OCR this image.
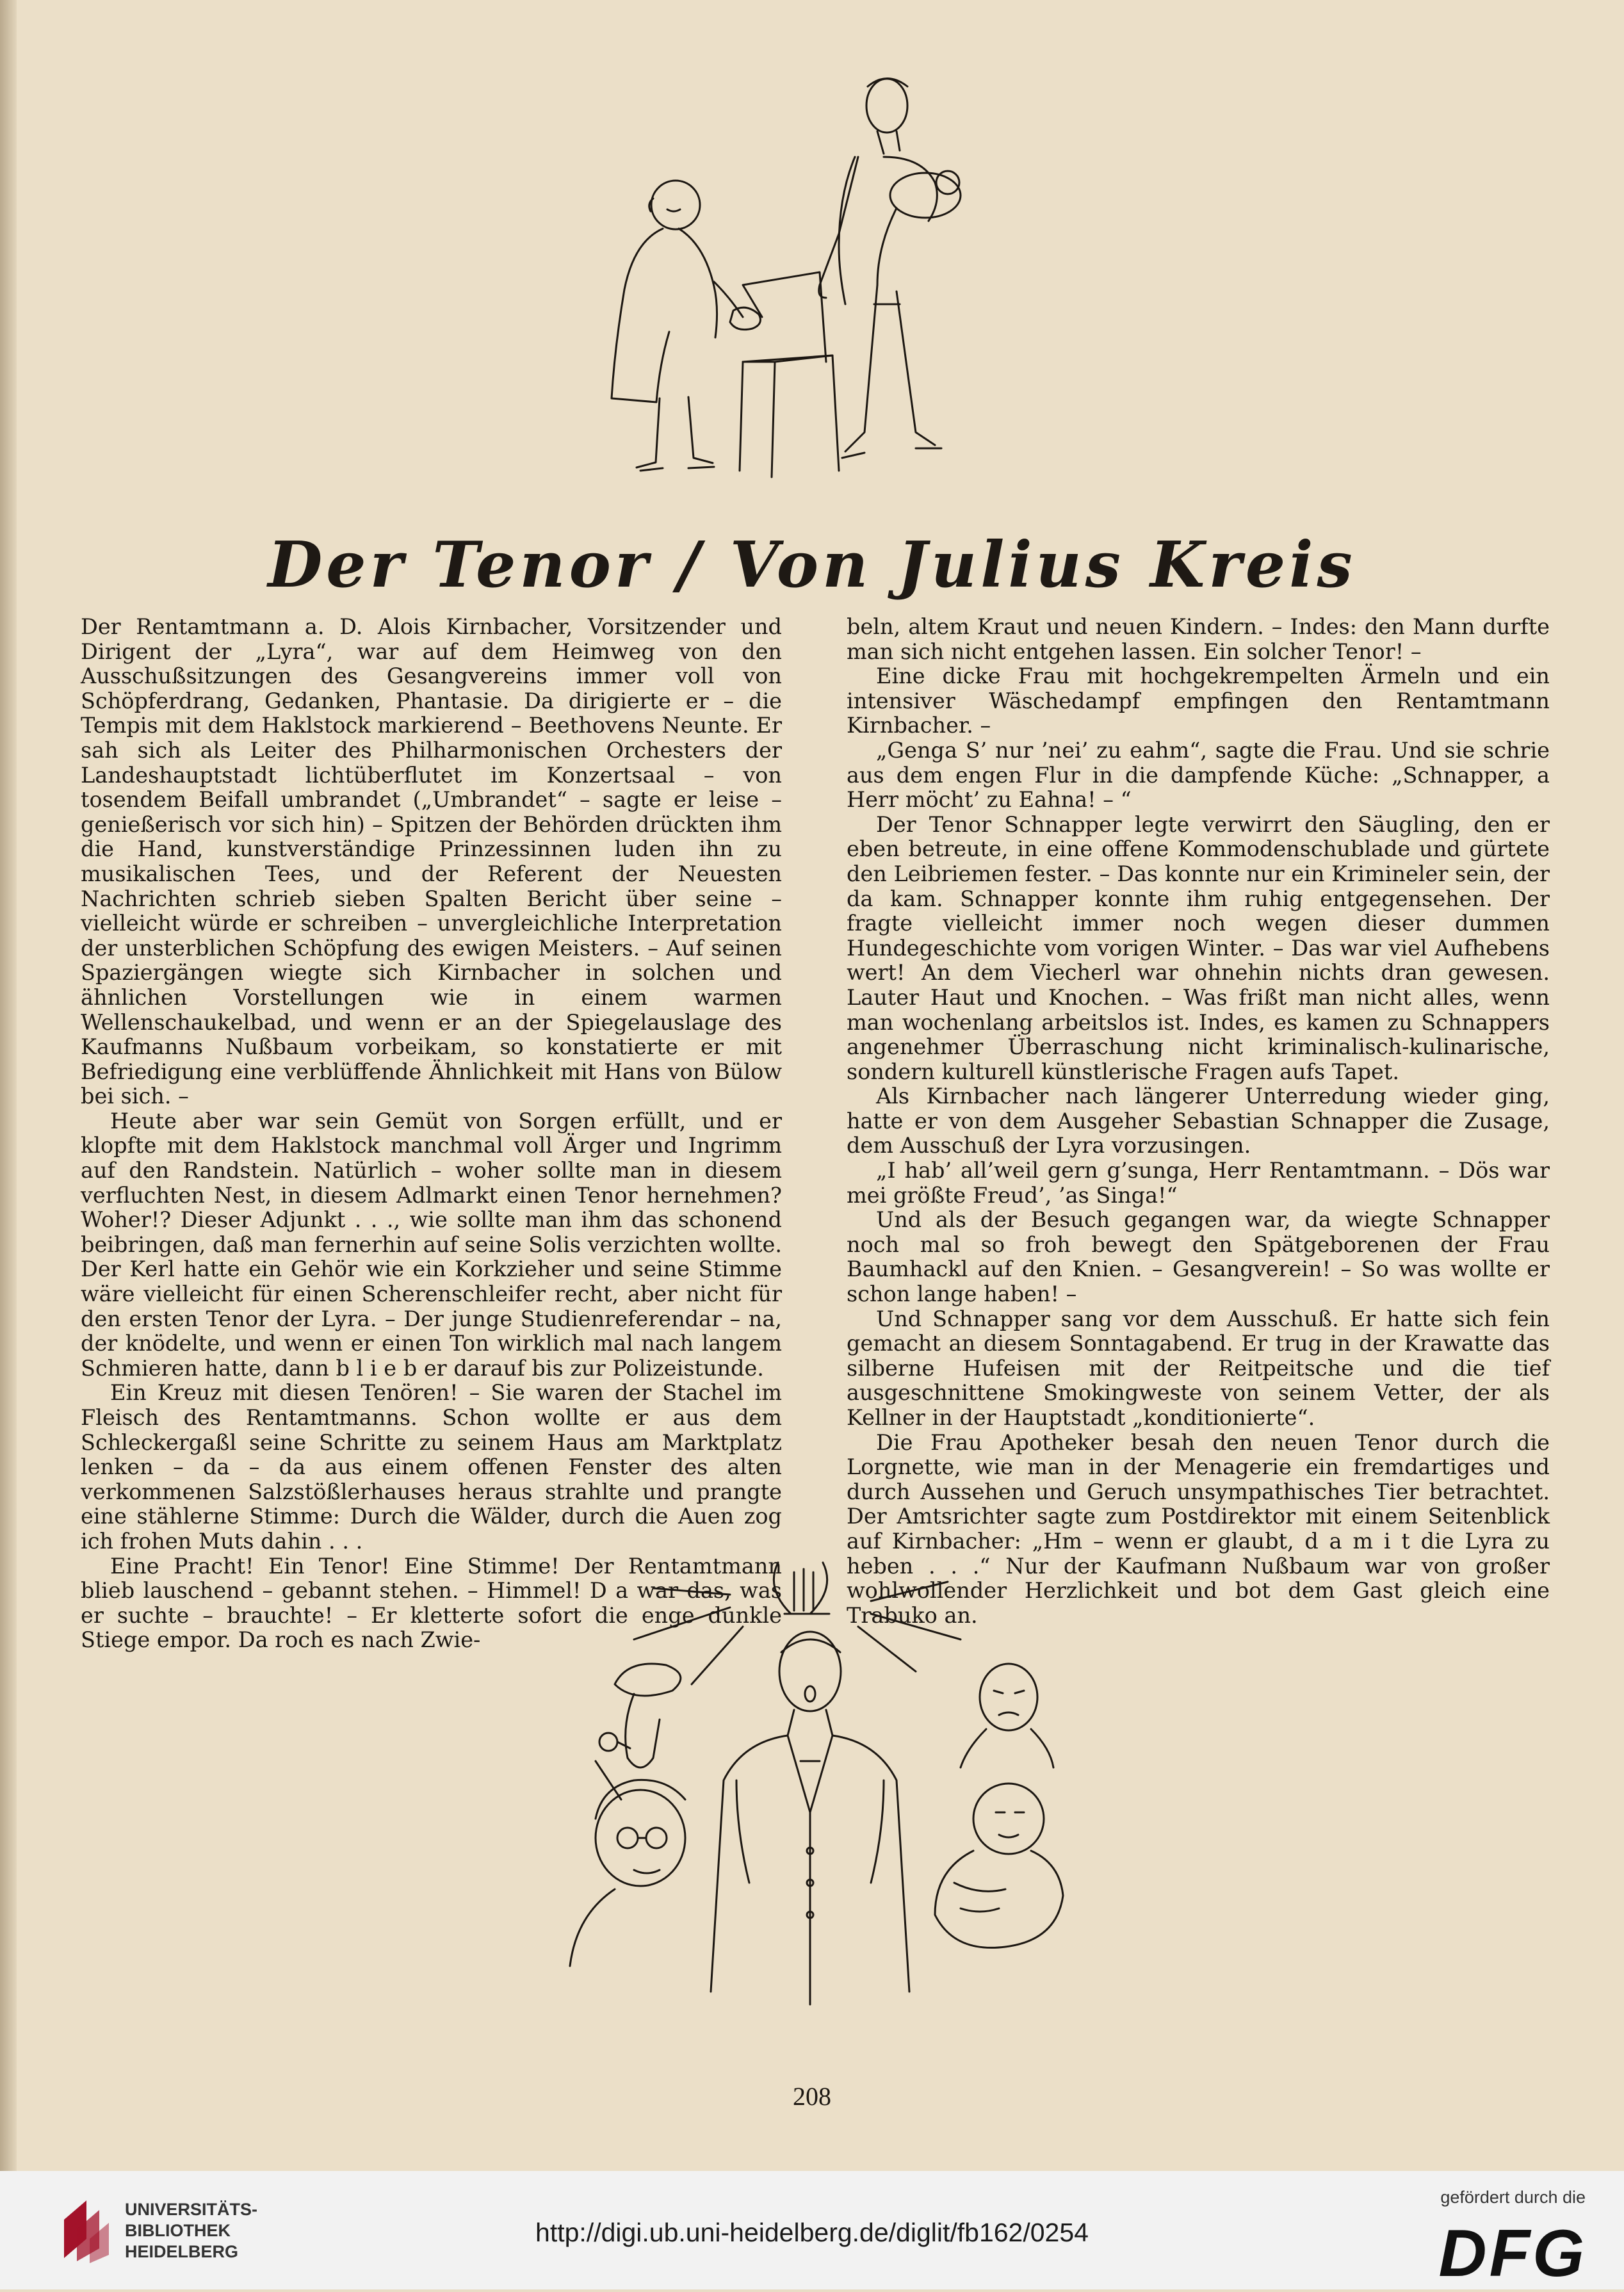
Der Tenor / Von Julius Kreis

Der Rentamtmann a. D. Alois Kirnbacher, Vorsitzender und Dirigent der „Lyra“, war auf dem Heimweg von den Ausschußsitzungen des Gesangvereins immer voll von Schöpferdrang, Gedanken, Phantasie. Da dirigierte er – die Tempis mit dem Haklstock markierend – Beethovens Neunte. Er sah sich als Leiter des Philharmonischen Orchesters der Landeshauptstadt lichtüberflutet im Konzertsaal – von tosendem Beifall umbrandet („Umbrandet“ – sagte er leise – genießerisch vor sich hin) – Spitzen der Behörden drückten ihm die Hand, kunstverständige Prinzessinnen luden ihn zu musikalischen Tees, und der Referent der Neuesten Nachrichten schrieb sieben Spalten Bericht über seine – vielleicht würde er schreiben – unvergleichliche Interpretation der unsterblichen Schöpfung des ewigen Meisters. – Auf seinen Spaziergängen wiegte sich Kirnbacher in solchen und ähnlichen Vorstellungen wie in einem warmen Wellenschaukelbad, und wenn er an der Spiegelauslage des Kaufmanns Nußbaum vorbeikam, so konstatierte er mit Befriedigung eine verblüffende Ähnlichkeit mit Hans von Bülow bei sich. –

Heute aber war sein Gemüt von Sorgen erfüllt, und er klopfte mit dem Haklstock manchmal voll Ärger und Ingrimm auf den Randstein. Natürlich – woher sollte man in diesem verfluchten Nest, in diesem Adlmarkt einen Tenor hernehmen? Woher!? Dieser Adjunkt . . ., wie sollte man ihm das schonend beibringen, daß man fernerhin auf seine Solis verzichten wollte. Der Kerl hatte ein Gehör wie ein Korkzieher und seine Stimme wäre vielleicht für einen Scherenschleifer recht, aber nicht für den ersten Tenor der Lyra. – Der junge Studienreferendar – na, der knödelte, und wenn er einen Ton wirklich mal nach langem Schmieren hatte, dann b l i e b er darauf bis zur Polizeistunde.

Ein Kreuz mit diesen Tenören! – Sie waren der Stachel im Fleisch des Rentamtmanns. Schon wollte er aus dem Schleckergaßl seine Schritte zu seinem Haus am Marktplatz lenken – da – da aus einem offenen Fenster des alten verkommenen Salzstößlerhauses heraus strahlte und prangte eine stählerne Stimme: Durch die Wälder, durch die Auen zog ich frohen Muts dahin . . .

Eine Pracht! Ein Tenor! Eine Stimme! Der Rentamtmann blieb lauschend – gebannt stehen. – Himmel! D a war das, was er suchte – brauchte! – Er kletterte sofort die enge dunkle Stiege empor. Da roch es nach Zwie-

beln, altem Kraut und neuen Kindern. – Indes: den Mann durfte man sich nicht entgehen lassen. Ein solcher Tenor! –

Eine dicke Frau mit hochgekrempelten Ärmeln und ein intensiver Wäschedampf empfingen den Rentamtmann Kirnbacher. –

„Genga S’ nur ’nei’ zu eahm“, sagte die Frau. Und sie schrie aus dem engen Flur in die dampfende Küche: „Schnapper, a Herr möcht’ zu Eahna! – “

Der Tenor Schnapper legte verwirrt den Säugling, den er eben betreute, in eine offene Kommodenschublade und gürtete den Leibriemen fester. – Das konnte nur ein Krimineler sein, der da kam. Schnapper konnte ihm ruhig entgegensehen. Der fragte vielleicht immer noch wegen dieser dummen Hundegeschichte vom vorigen Winter. – Das war viel Aufhebens wert! An dem Viecherl war ohnehin nichts dran gewesen. Lauter Haut und Knochen. – Was frißt man nicht alles, wenn man wochenlang arbeitslos ist. Indes, es kamen zu Schnappers angenehmer Überraschung nicht kriminalisch-kulinarische, sondern kulturell künstlerische Fragen aufs Tapet.

Als Kirnbacher nach längerer Unterredung wieder ging, hatte er von dem Ausgeher Sebastian Schnapper die Zusage, dem Ausschuß der Lyra vorzusingen.

„I hab’ all’weil gern g’sunga, Herr Rentamtmann. – Dös war mei größte Freud’, ’as Singa!“

Und als der Besuch gegangen war, da wiegte Schnapper noch mal so froh bewegt den Spätgeborenen der Frau Baumhackl auf den Knien. – Gesangverein! – So was wollte er schon lange haben! –

Und Schnapper sang vor dem Ausschuß. Er hatte sich fein gemacht an diesem Sonntagabend. Er trug in der Krawatte das silberne Hufeisen mit der Reitpeitsche und die tief ausgeschnittene Smokingweste von seinem Vetter, der als Kellner in der Hauptstadt „konditionierte“.

Die Frau Apotheker besah den neuen Tenor durch die Lorgnette, wie man in der Menagerie ein fremdartiges und durch Aussehen und Geruch unsympathisches Tier betrachtet. Der Amtsrichter sagte zum Postdirektor mit einem Seitenblick auf Kirnbacher: „Hm – wenn er glaubt, d a m i t die Lyra zu heben . . .“ Nur der Kaufmann Nußbaum war von großer wohlwollender Herzlichkeit und bot dem Gast gleich eine Trabuko an.

208
UNIVERSITÄTS-
BIBLIOTHEK
HEIDELBERG
http://digi.ub.uni-heidelberg.de/diglit/fb162/0254
gefördert durch die
DFG
